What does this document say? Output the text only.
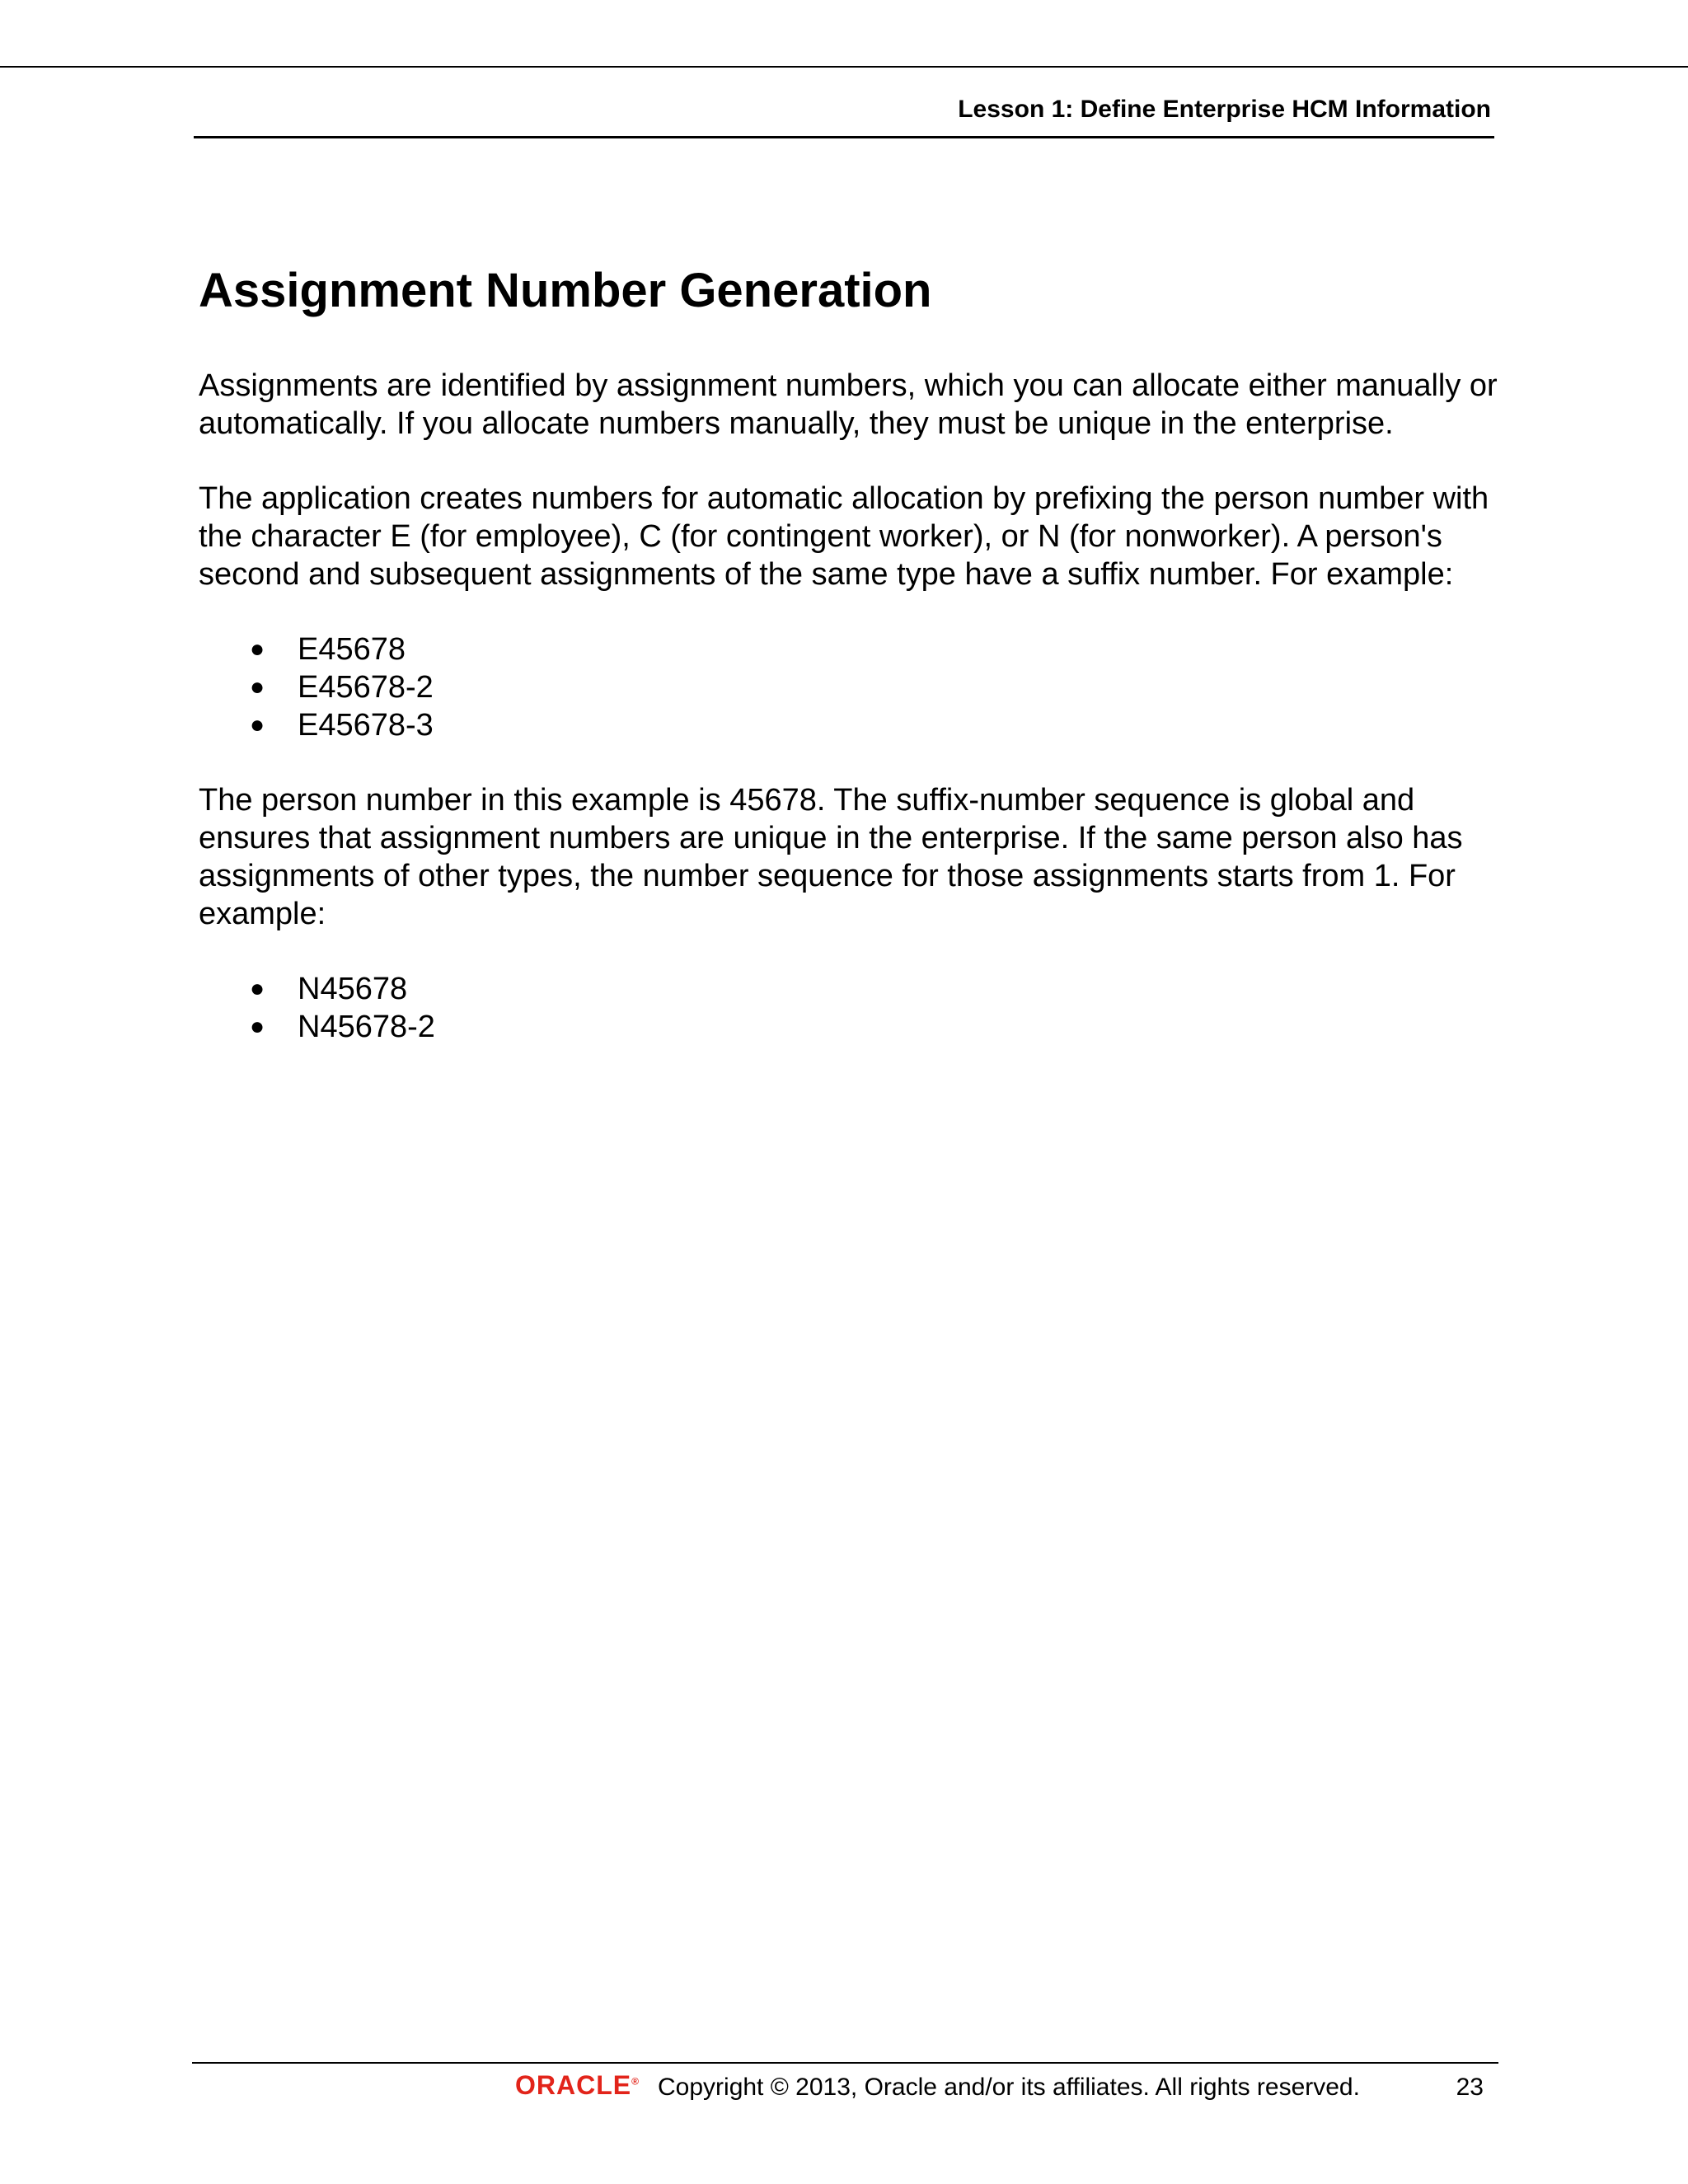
Lesson 1: Define Enterprise HCM Information
Assignment Number Generation

Assignments are identified by assignment numbers, which you can allocate either manually or automatically. If you allocate numbers manually, they must be unique in the enterprise.

The application creates numbers for automatic allocation by prefixing the person number with the character E (for employee), C (for contingent worker), or N (for nonworker). A person's second and subsequent assignments of the same type have a suffix number. For example:

● E45678
● E45678-2
● E45678-3

The person number in this example is 45678. The suffix-number sequence is global and ensures that assignment numbers are unique in the enterprise. If the same person also has assignments of other types, the number sequence for those assignments starts from 1. For example:

● N45678
● N45678-2
ORACLE® Copyright © 2013, Oracle and/or its affiliates. All rights reserved.	23
